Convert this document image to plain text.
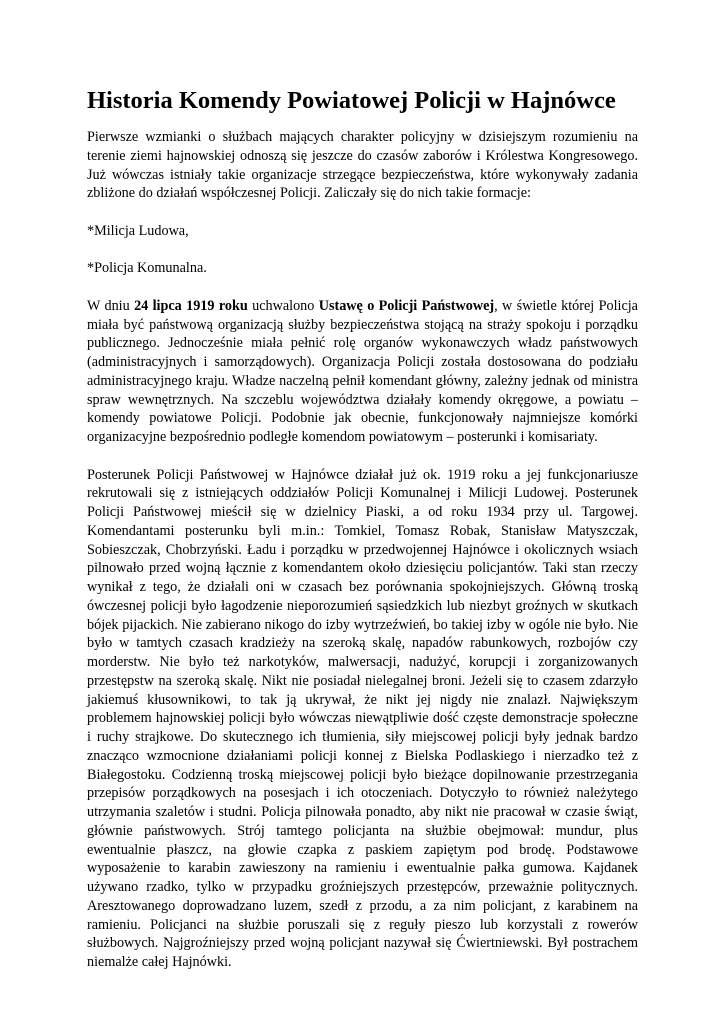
Historia Komendy Powiatowej Policji w Hajnówce

Pierwsze wzmianki o służbach mających charakter policyjny w dzisiejszym rozumieniu na terenie ziemi hajnowskiej odnoszą się jeszcze do czasów zaborów i Królestwa Kongresowego. Już wówczas istniały takie organizacje strzegące bezpieczeństwa, które wykonywały zadania zbliżone do działań współczesnej Policji. Zaliczały się do nich takie formacje:

*Milicja Ludowa,

*Policja Komunalna.

W dniu 24 lipca 1919 roku uchwalono Ustawę o Policji Państwowej, w świetle której Policja miała być państwową organizacją służby bezpieczeństwa stojącą na straży spokoju i porządku publicznego. Jednocześnie miała pełnić rolę organów wykonawczych władz państwowych (administracyjnych i samorządowych). Organizacja Policji została dostosowana do podziału administracyjnego kraju. Władze naczelną pełnił komendant główny, zależny jednak od ministra spraw wewnętrznych. Na szczeblu województwa działały komendy okręgowe, a powiatu – komendy powiatowe Policji. Podobnie jak obecnie, funkcjonowały najmniejsze komórki organizacyjne bezpośrednio podległe komendom powiatowym – posterunki i komisariaty.

Posterunek Policji Państwowej w Hajnówce działał już ok. 1919 roku a jej funkcjonariusze rekrutowali się z istniejących oddziałów Policji Komunalnej i Milicji Ludowej. Posterunek Policji Państwowej mieścił się w dzielnicy Piaski, a od roku 1934 przy ul. Targowej. Komendantami posterunku byli m.in.: Tomkiel, Tomasz Robak, Stanisław Matyszczak, Sobieszczak, Chobrzyński. Ładu i porządku w przedwojennej Hajnówce i okolicznych wsiach pilnowało przed wojną łącznie z komendantem około dziesięciu policjantów. Taki stan rzeczy wynikał z tego, że działali oni w czasach bez porównania spokojniejszych. Główną troską ówczesnej policji było łagodzenie nieporozumień sąsiedzkich lub niezbyt groźnych w skutkach bójek pijackich. Nie zabierano nikogo do izby wytrzeźwień, bo takiej izby w ogóle nie było. Nie było w tamtych czasach kradzieży na szeroką skalę, napadów rabunkowych, rozbojów czy morderstw. Nie było też narkotyków, malwersacji, nadużyć, korupcji i zorganizowanych przestępstw na szeroką skalę. Nikt nie posiadał nielegalnej broni. Jeżeli się to czasem zdarzyło jakiemuś kłusownikowi, to tak ją ukrywał, że nikt jej nigdy nie znalazł. Największym problemem hajnowskiej policji było wówczas niewątpliwie dość częste demonstracje społeczne i ruchy strajkowe. Do skutecznego ich tłumienia, siły miejscowej policji były jednak bardzo znacząco wzmocnione działaniami policji konnej z Bielska Podlaskiego i nierzadko też z Białegostoku. Codzienną troską miejscowej policji było bieżące dopilnowanie przestrzegania przepisów porządkowych na posesjach i ich otoczeniach. Dotyczyło to również należytego utrzymania szaletów i studni. Policja pilnowała ponadto, aby nikt nie pracował w czasie świąt, głównie państwowych. Strój tamtego policjanta na służbie obejmował: mundur, plus ewentualnie płaszcz, na głowie czapka z paskiem zapiętym pod brodę. Podstawowe wyposażenie to karabin zawieszony na ramieniu i ewentualnie pałka gumowa. Kajdanek używano rzadko, tylko w przypadku groźniejszych przestępców, przeważnie politycznych. Aresztowanego doprowadzano luzem, szedł z przodu, a za nim policjant, z karabinem na ramieniu. Policjanci na służbie poruszali się z reguły pieszo lub korzystali z rowerów służbowych. Najgroźniejszy przed wojną policjant nazywał się Ćwiertniewski. Był postrachem niemalże całej Hajnówki.
